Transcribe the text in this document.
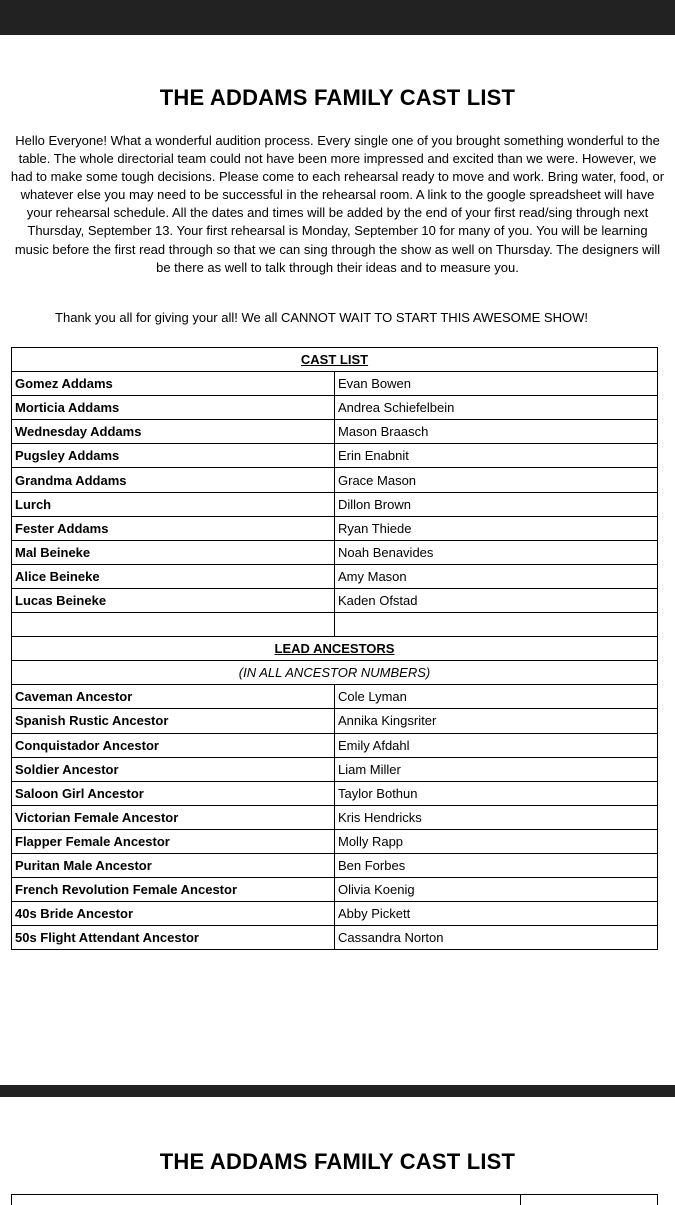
THE ADDAMS FAMILY CAST LIST
Hello Everyone! What a wonderful audition process. Every single one of you brought something wonderful to the table. The whole directorial team could not have been more impressed and excited than we were. However, we had to make some tough decisions. Please come to each rehearsal ready to move and work. Bring water, food, or whatever else you may need to be successful in the rehearsal room. A link to the google spreadsheet will have your rehearsal schedule. All the dates and times will be added by the end of your first read/sing through next Thursday, September 13. Your first rehearsal is Monday, September 10 for many of you. You will be learning music before the first read through so that we can sing through the show as well on Thursday. The designers will be there as well to talk through their ideas and to measure you.
Thank you all for giving your all! We all CANNOT WAIT TO START THIS AWESOME SHOW!
CAST LIST	
Gomez Addams	Evan Bowen
Morticia Addams	Andrea Schiefelbein
Wednesday Addams	Mason Braasch
Pugsley Addams	Erin Enabnit
Grandma Addams	Grace Mason
Lurch	Dillon Brown
Fester Addams	Ryan Thiede
Mal Beineke	Noah Benavides
Alice Beineke	Amy Mason
Lucas Beineke	Kaden Ofstad

LEAD ANCESTORS	
(IN ALL ANCESTOR NUMBERS)	
Caveman Ancestor	Cole Lyman
Spanish Rustic Ancestor	Annika Kingsriter
Conquistador Ancestor	Emily Afdahl
Soldier Ancestor	Liam Miller
Saloon Girl Ancestor	Taylor Bothun
Victorian Female Ancestor	Kris Hendricks
Flapper Female Ancestor	Molly Rapp
Puritan Male Ancestor	Ben Forbes
French Revolution Female Ancestor	Olivia Koenig
40s Bride Ancestor	Abby Pickett
50s Flight Attendant Ancestor	Cassandra Norton
THE ADDAMS FAMILY CAST LIST
